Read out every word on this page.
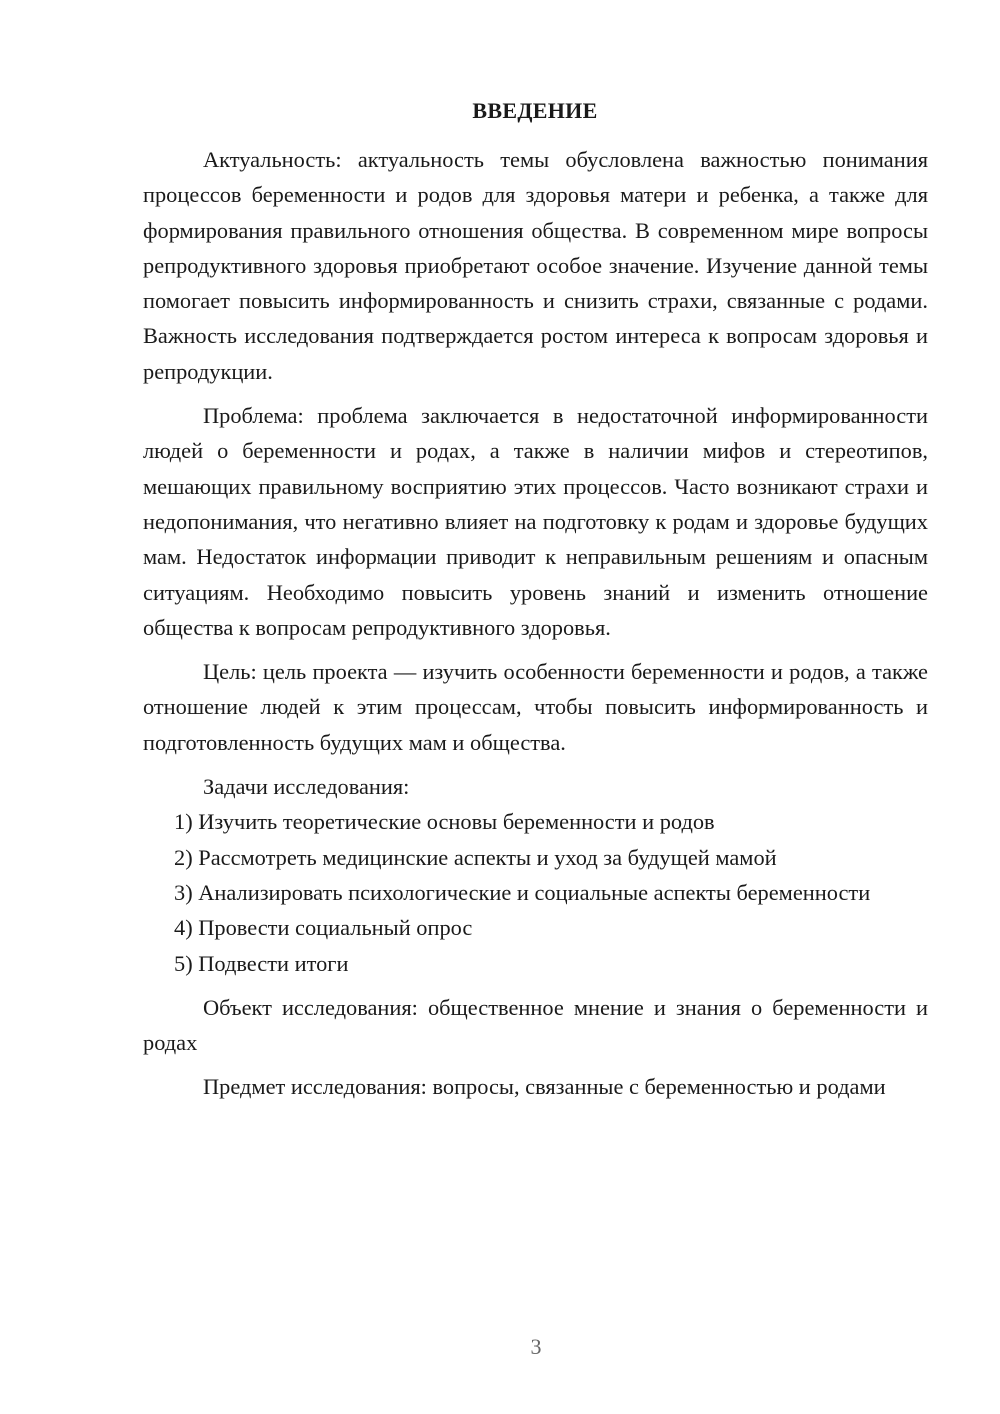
ВВЕДЕНИЕ

Актуальность: актуальность темы обусловлена важностью понимания процессов беременности и родов для здоровья матери и ребенка, а также для формирования правильного отношения общества. В современном мире вопросы репродуктивного здоровья приобретают особое значение. Изучение данной темы помогает повысить информированность и снизить страхи, связанные с родами. Важность исследования подтверждается ростом интереса к вопросам здоровья и репродукции.

Проблема: проблема заключается в недостаточной информированности людей о беременности и родах, а также в наличии мифов и стереотипов, мешающих правильному восприятию этих процессов. Часто возникают страхи и недопонимания, что негативно влияет на подготовку к родам и здоровье будущих мам. Недостаток информации приводит к неправильным решениям и опасным ситуациям. Необходимо повысить уровень знаний и изменить отношение общества к вопросам репродуктивного здоровья.

Цель: цель проекта — изучить особенности беременности и родов, а также отношение людей к этим процессам, чтобы повысить информированность и подготовленность будущих мам и общества.

Задачи исследования:

1) Изучить теоретические основы беременности и родов

2) Рассмотреть медицинские аспекты и уход за будущей мамой

3) Анализировать психологические и социальные аспекты беременности

4) Провести социальный опрос

5) Подвести итоги

Объект исследования: общественное мнение и знания о беременности и родах

Предмет исследования: вопросы, связанные с беременностью и родами

3
